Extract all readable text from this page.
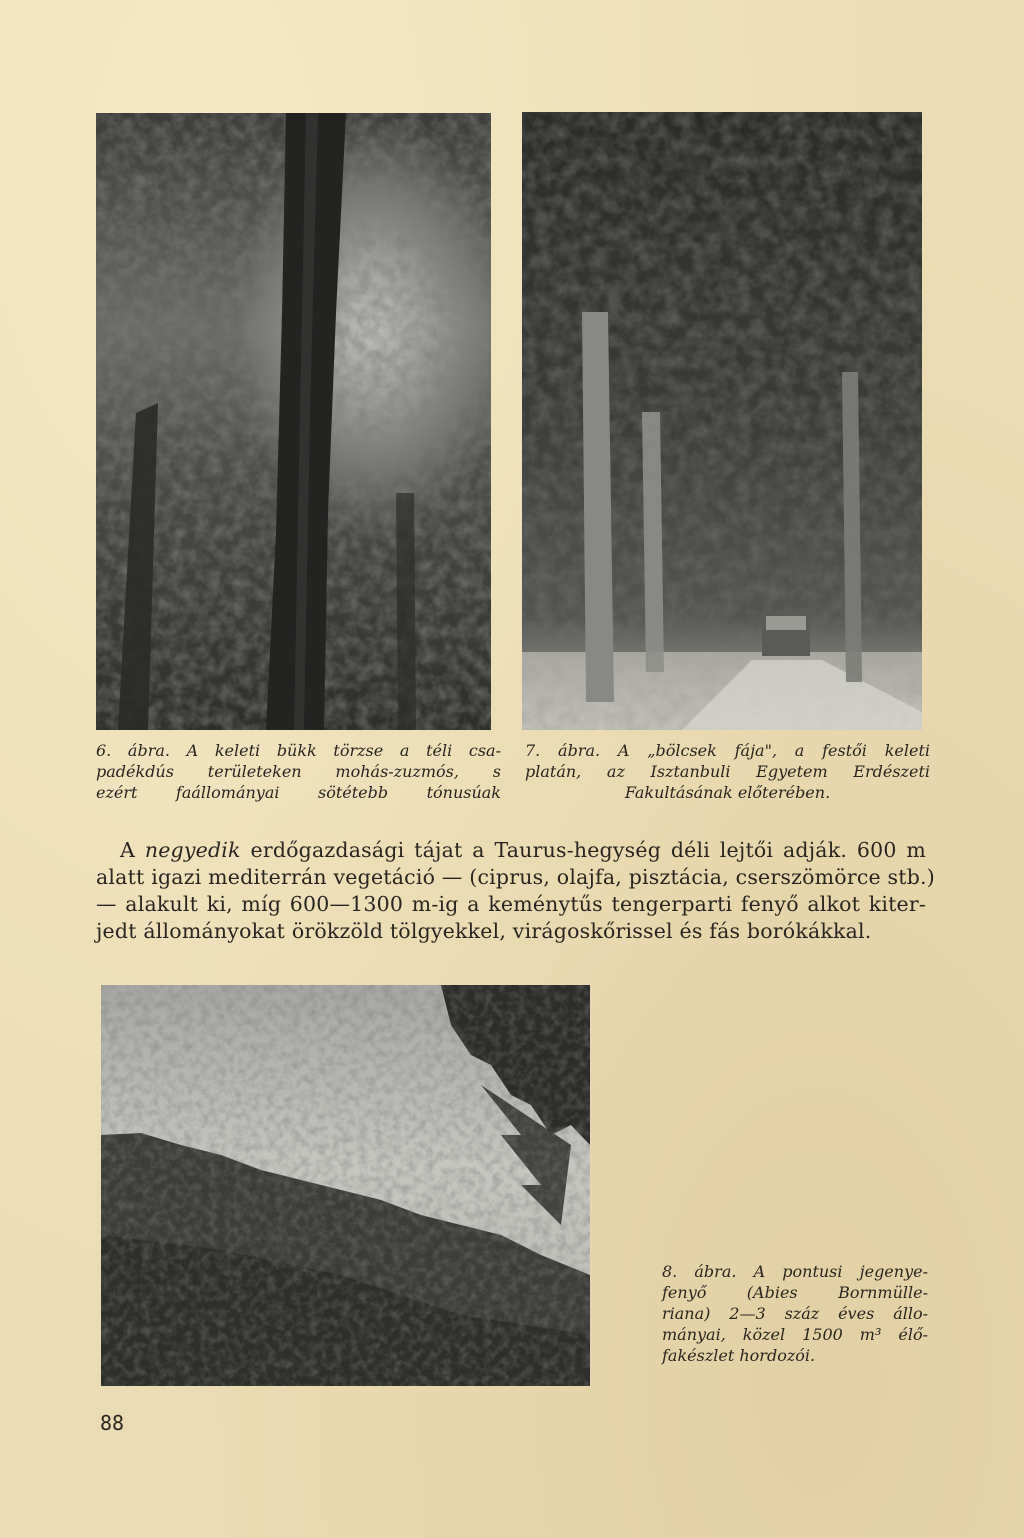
6. ábra. A keleti bükk törzse a téli csa-
padékdús területeken mohás-zuzmós, s
ezért faállományai sötétebb tónusúak
7. ábra. A „bölcsek fája", a festői keleti
platán, az Isztanbuli Egyetem Erdészeti
Fakultásának előterében.
A negyedik erdőgazdasági tájat a Taurus-hegység déli lejtői adják. 600 m
alatt igazi mediterrán vegetáció — (ciprus, olajfa, pisztácia, cserszömörce stb.)
— alakult ki, míg 600—1300 m-ig a keménytűs tengerparti fenyő alkot kiter-
jedt állományokat örökzöld tölgyekkel, virágoskőrissel és fás borókákkal.
8. ábra. A pontusi jegenye-
fenyő (Abies Bornmülle-
riana) 2—3 száz éves állo-
mányai, közel 1500 m³ élő-
fakészlet hordozói.
88
